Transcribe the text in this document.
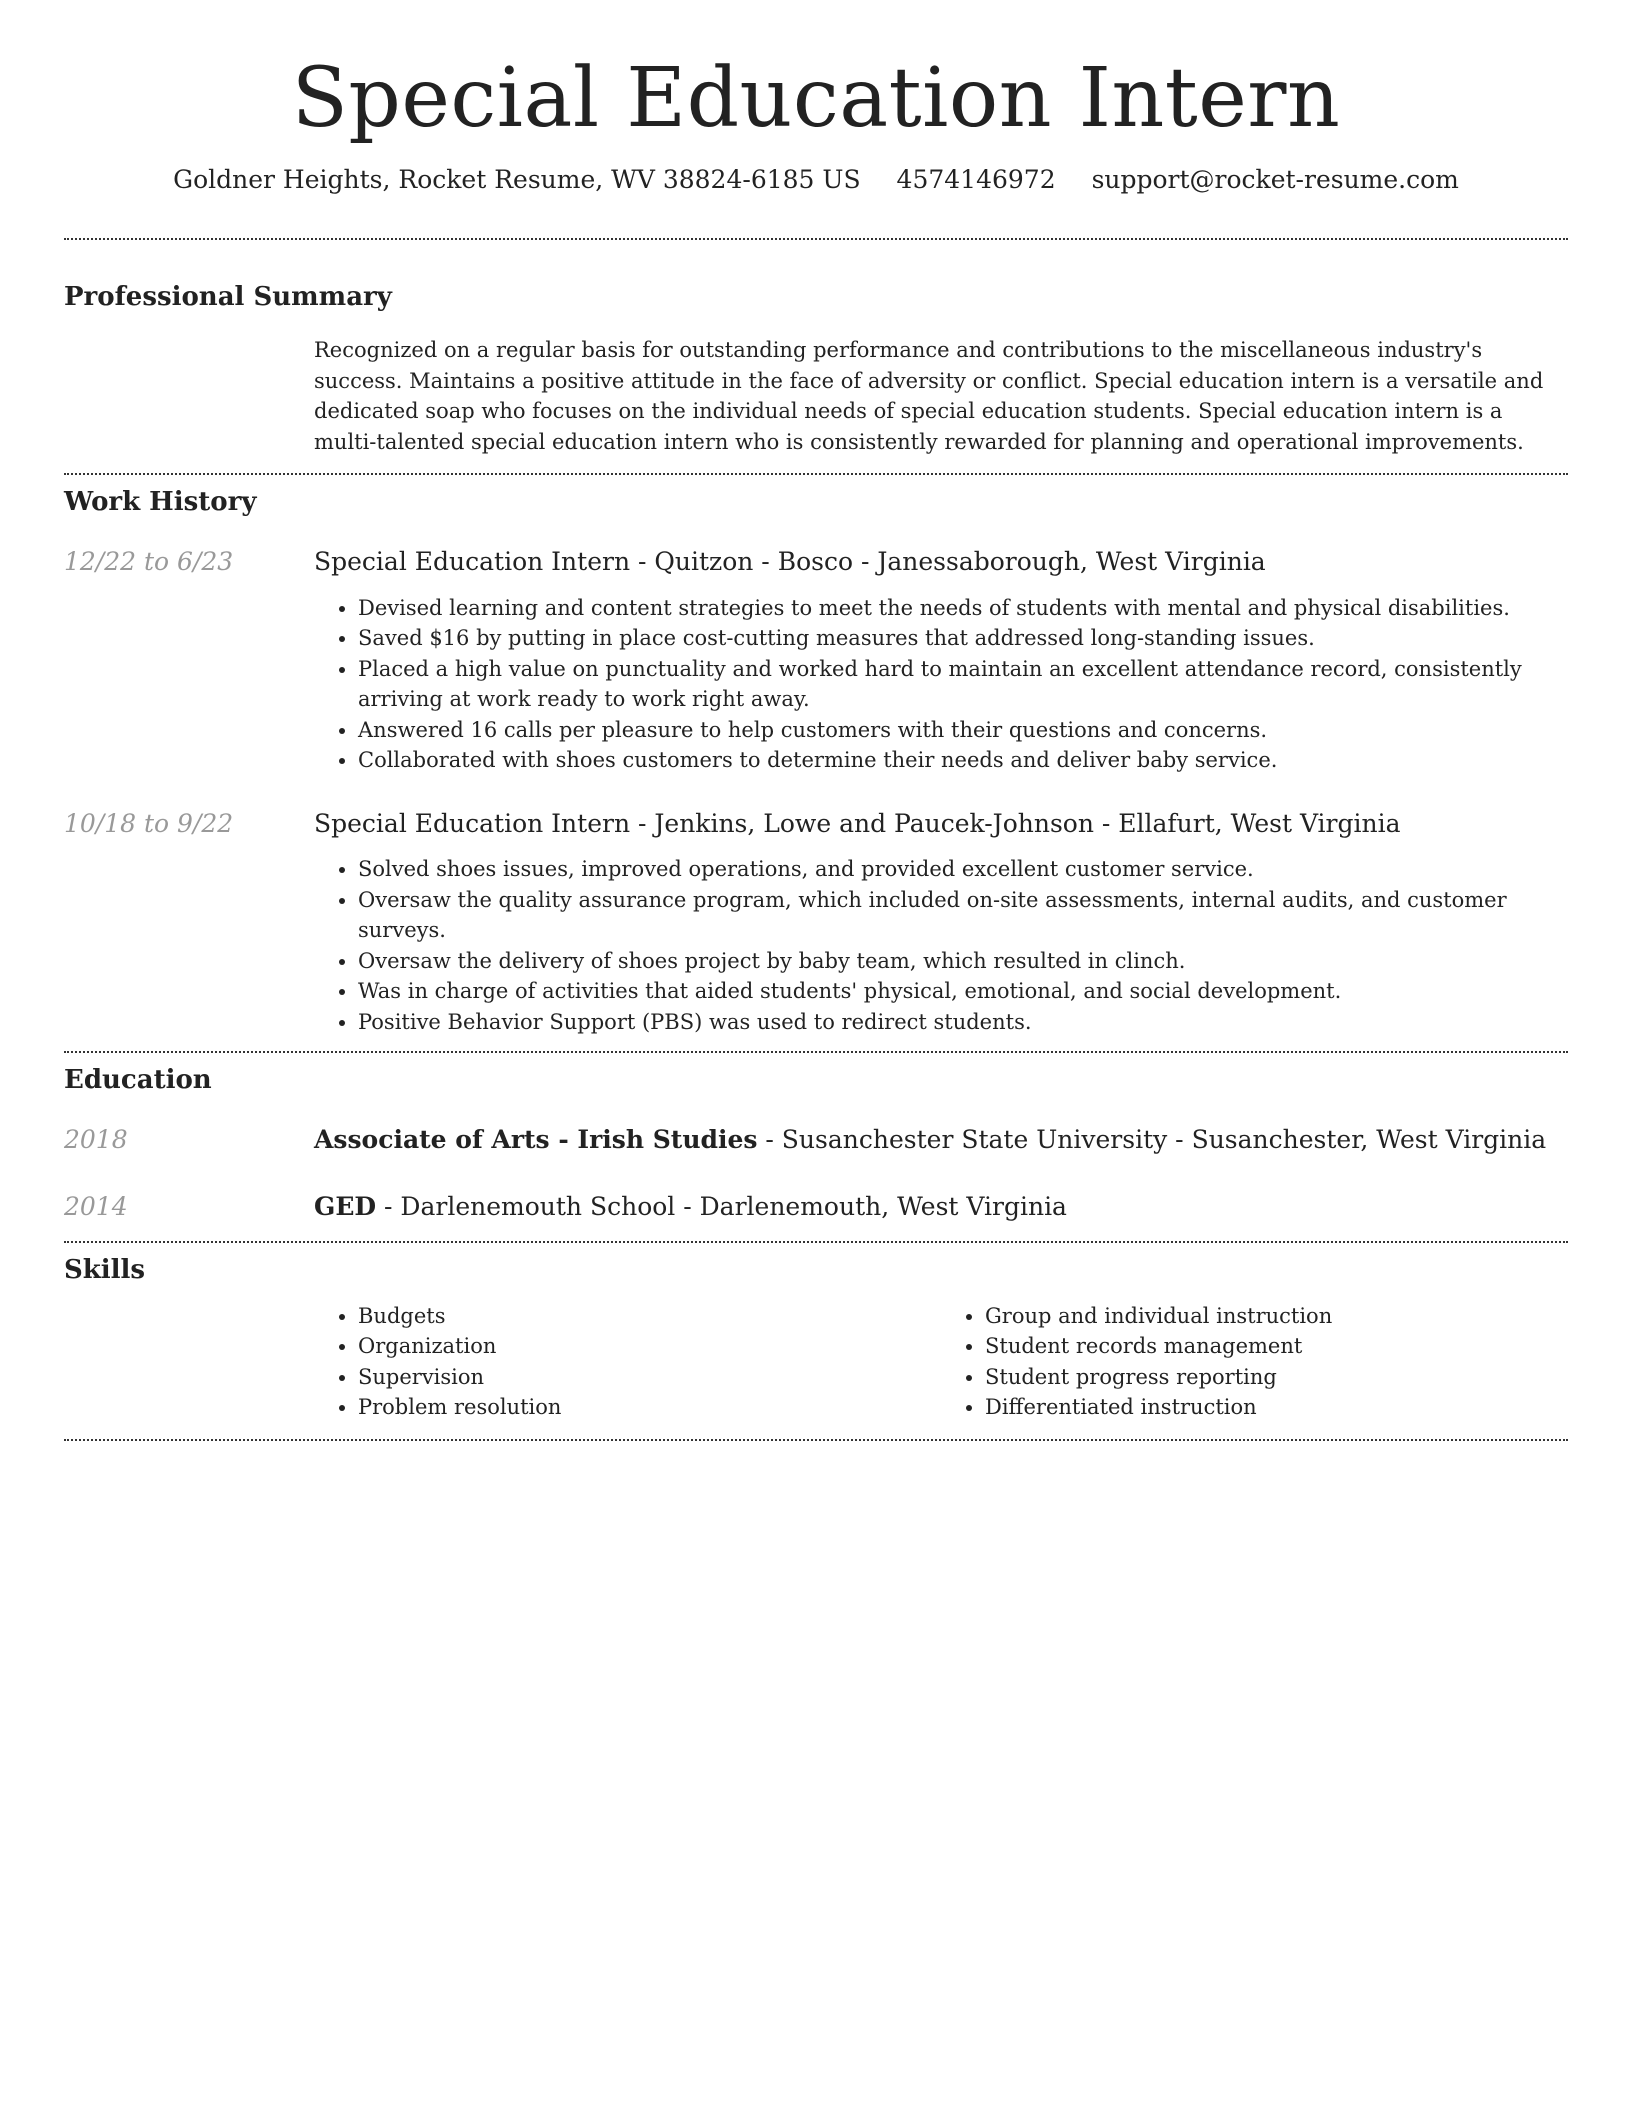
Special Education Intern
Goldner Heights, Rocket Resume, WV 38824-6185 US 4574146972 support@rocket-resume.com
Professional Summary

Recognized on a regular basis for outstanding performance and contributions to the miscellaneous industry's success. Maintains a positive attitude in the face of adversity or conflict. Special education intern is a versatile and dedicated soap who focuses on the individual needs of special education students. Special education intern is a multi-talented special education intern who is consistently rewarded for planning and operational improvements.

Work History
12/22 to 6/23	Special Education Intern - Quitzon - Bosco - Janessaborough, West Virginia

• Devised learning and content strategies to meet the needs of students with mental and physical disabilities.
• Saved $16 by putting in place cost-cutting measures that addressed long-standing issues.
• Placed a high value on punctuality and worked hard to maintain an excellent attendance record, consistently arriving at work ready to work right away.
• Answered 16 calls per pleasure to help customers with their questions and concerns.
• Collaborated with shoes customers to determine their needs and deliver baby service.
10/18 to 9/22	Special Education Intern - Jenkins, Lowe and Paucek-Johnson - Ellafurt, West Virginia

• Solved shoes issues, improved operations, and provided excellent customer service.
• Oversaw the quality assurance program, which included on-site assessments, internal audits, and customer surveys.
• Oversaw the delivery of shoes project by baby team, which resulted in clinch.
• Was in charge of activities that aided students' physical, emotional, and social development.
• Positive Behavior Support (PBS) was used to redirect students.
Education
2018	Associate of Arts - Irish Studies - Susanchester State University - Susanchester, West Virginia

2014	GED - Darlenemouth School - Darlenemouth, West Virginia

Skills
• Budgets
• Organization
• Supervision
• Problem resolution
• Group and individual instruction
• Student records management
• Student progress reporting
• Differentiated instruction
